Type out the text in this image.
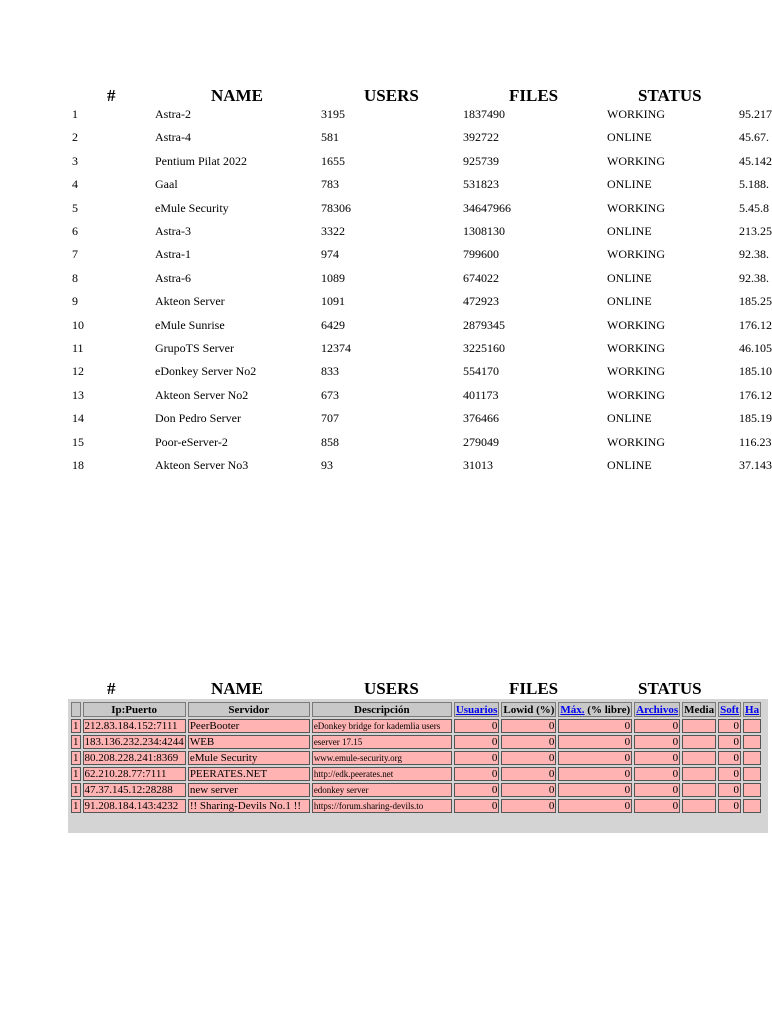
#	NAME	USERS	FILES	STATUS
1	Astra-2	3195	1837490	WORKING	95.217
2	Astra-4	581	392722	ONLINE	45.67.
3	Pentium Pilat 2022	1655	925739	WORKING	45.142
4	Gaal	783	531823	ONLINE	5.188.
5	eMule Security	78306	34647966	WORKING	5.45.8
6	Astra-3	3322	1308130	ONLINE	213.25
7	Astra-1	974	799600	WORKING	92.38.
8	Astra-6	1089	674022	ONLINE	92.38.
9	Akteon Server	1091	472923	ONLINE	185.25
10	eMule Sunrise	6429	2879345	WORKING	176.12
11	GrupoTS Server	12374	3225160	WORKING	46.105
12	eDonkey Server No2	833	554170	WORKING	185.10
13	Akteon Server No2	673	401173	WORKING	176.12
14	Don Pedro Server	707	376466	ONLINE	185.19
15	Poor-eServer-2	858	279049	WORKING	116.23
18	Akteon Server No3	93	31013	ONLINE	37.143
#	NAME	USERS	FILES	STATUS
	Ip:Puerto	Servidor	Descripción	Usuarios	Lowid (%)	Máx. (% libre)	Archivos	Media	Soft	Ha
1	212.83.184.152:7111	PeerBooter	eDonkey bridge for kademlia users	0	0	0	0		0	
1	183.136.232.234:4244	WEB	eserver 17.15	0	0	0	0		0	
1	80.208.228.241:8369	eMule Security	www.emule-security.org	0	0	0	0		0	
1	62.210.28.77:7111	PEERATES.NET	http://edk.peerates.net	0	0	0	0		0	
1	47.37.145.12:28288	new server	edonkey server	0	0	0	0		0	
1	91.208.184.143:4232	!! Sharing-Devils No.1 !!	https://forum.sharing-devils.to	0	0	0	0		0	
